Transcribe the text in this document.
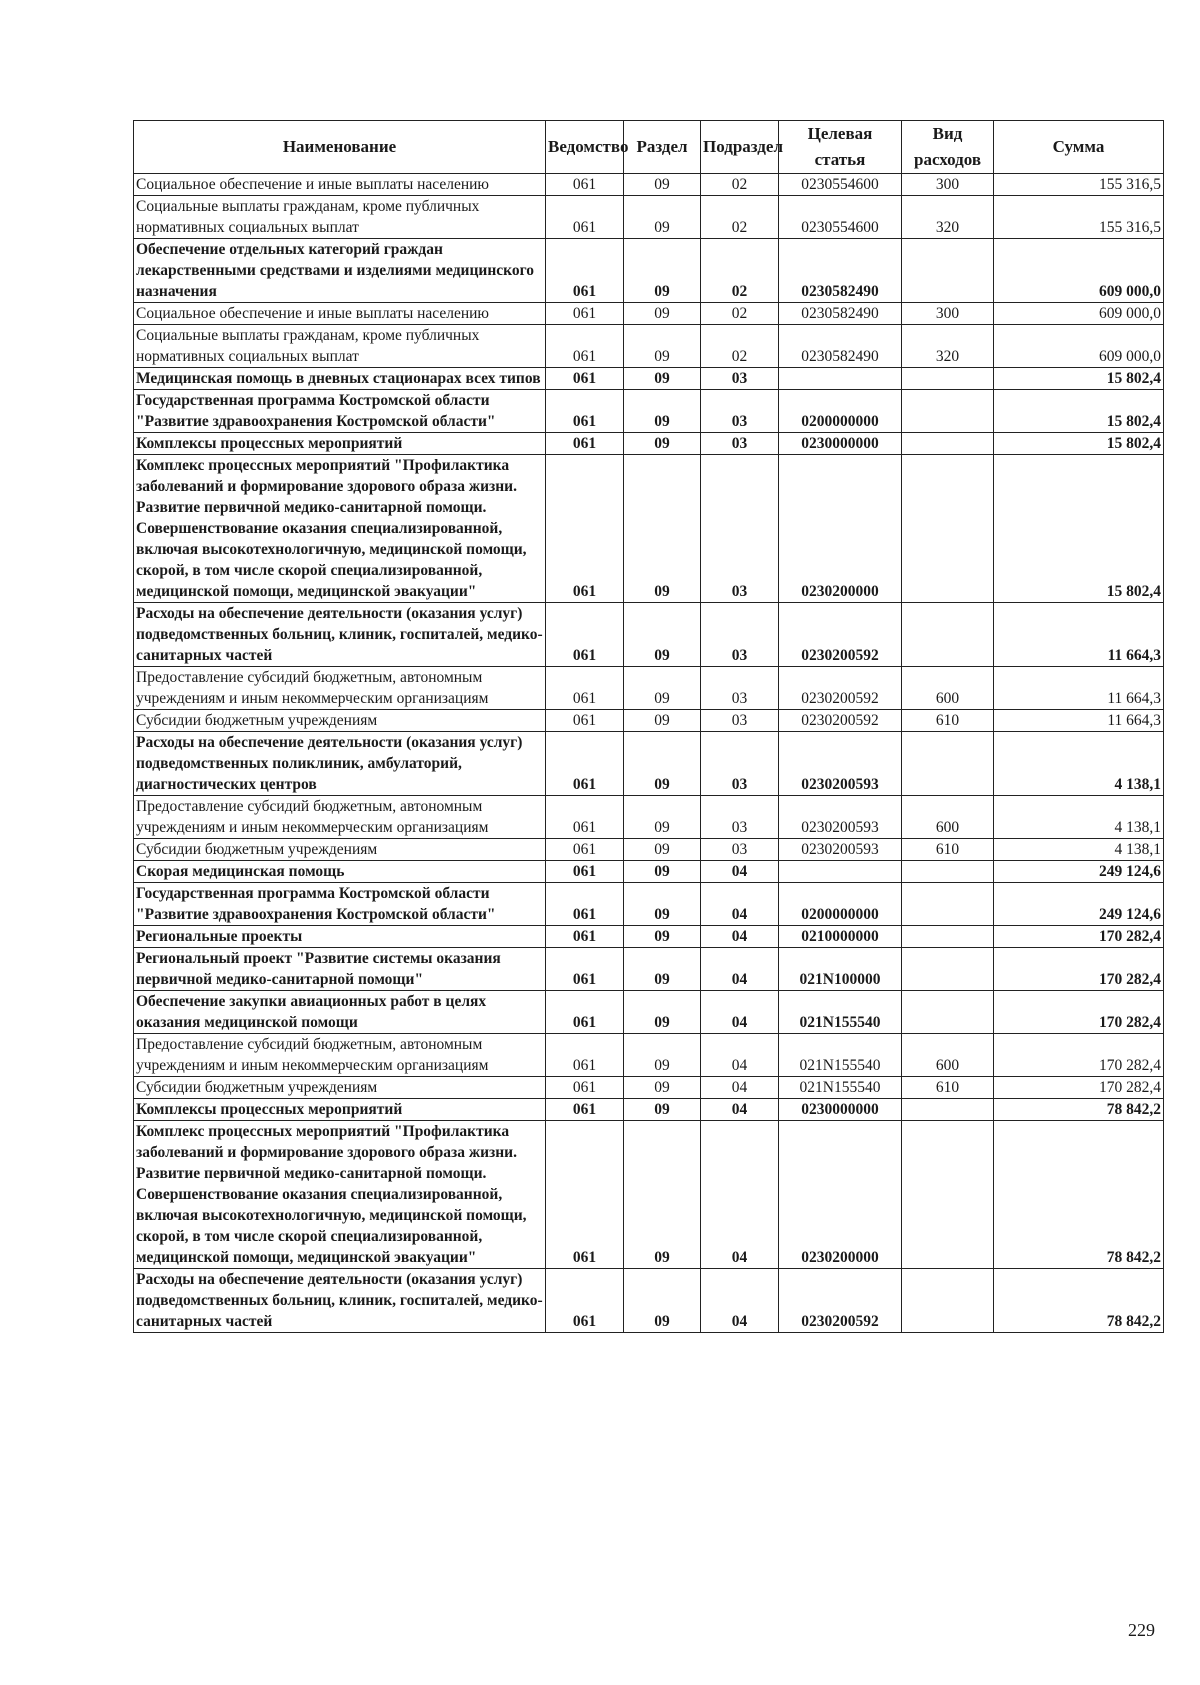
Наименование	Ведомство	Раздел	Подраздел	Целевая статья	Вид расходов	Сумма
Социальное обеспечение и иные выплаты населению	061	09	02	0230554600	300	155 316,5
Социальные выплаты гражданам, кроме публичных нормативных социальных выплат	061	09	02	0230554600	320	155 316,5
Обеспечение отдельных категорий граждан лекарственными средствами и изделиями медицинского назначения	061	09	02	0230582490		609 000,0
Социальное обеспечение и иные выплаты населению	061	09	02	0230582490	300	609 000,0
Социальные выплаты гражданам, кроме публичных нормативных социальных выплат	061	09	02	0230582490	320	609 000,0
Медицинская помощь в дневных стационарах всех типов	061	09	03			15 802,4
Государственная программа Костромской области "Развитие здравоохранения Костромской области"	061	09	03	0200000000		15 802,4
Комплексы процессных мероприятий	061	09	03	0230000000		15 802,4
Комплекс процессных мероприятий "Профилактика заболеваний и формирование здорового образа жизни. Развитие первичной медико-санитарной помощи. Совершенствование оказания специализированной, включая высокотехнологичную, медицинской помощи, скорой, в том числе скорой специализированной, медицинской помощи, медицинской эвакуации"	061	09	03	0230200000		15 802,4
Расходы на обеспечение деятельности (оказания услуг) подведомственных больниц, клиник, госпиталей, медико-санитарных частей	061	09	03	0230200592		11 664,3
Предоставление субсидий бюджетным, автономным учреждениям и иным некоммерческим организациям	061	09	03	0230200592	600	11 664,3
Субсидии бюджетным учреждениям	061	09	03	0230200592	610	11 664,3
Расходы на обеспечение деятельности (оказания услуг) подведомственных поликлиник, амбулаторий, диагностических центров	061	09	03	0230200593		4 138,1
Предоставление субсидий бюджетным, автономным учреждениям и иным некоммерческим организациям	061	09	03	0230200593	600	4 138,1
Субсидии бюджетным учреждениям	061	09	03	0230200593	610	4 138,1
Скорая медицинская помощь	061	09	04			249 124,6
Государственная программа Костромской области "Развитие здравоохранения Костромской области"	061	09	04	0200000000		249 124,6
Региональные проекты	061	09	04	0210000000		170 282,4
Региональный проект "Развитие системы оказания первичной медико-санитарной помощи"	061	09	04	021N100000		170 282,4
Обеспечение закупки авиационных работ в целях оказания медицинской помощи	061	09	04	021N155540		170 282,4
Предоставление субсидий бюджетным, автономным учреждениям и иным некоммерческим организациям	061	09	04	021N155540	600	170 282,4
Субсидии бюджетным учреждениям	061	09	04	021N155540	610	170 282,4
Комплексы процессных мероприятий	061	09	04	0230000000		78 842,2
Комплекс процессных мероприятий "Профилактика заболеваний и формирование здорового образа жизни. Развитие первичной медико-санитарной помощи. Совершенствование оказания специализированной, включая высокотехнологичную, медицинской помощи, скорой, в том числе скорой специализированной, медицинской помощи, медицинской эвакуации"	061	09	04	0230200000		78 842,2
Расходы на обеспечение деятельности (оказания услуг) подведомственных больниц, клиник, госпиталей, медико-санитарных частей	061	09	04	0230200592		78 842,2
229
